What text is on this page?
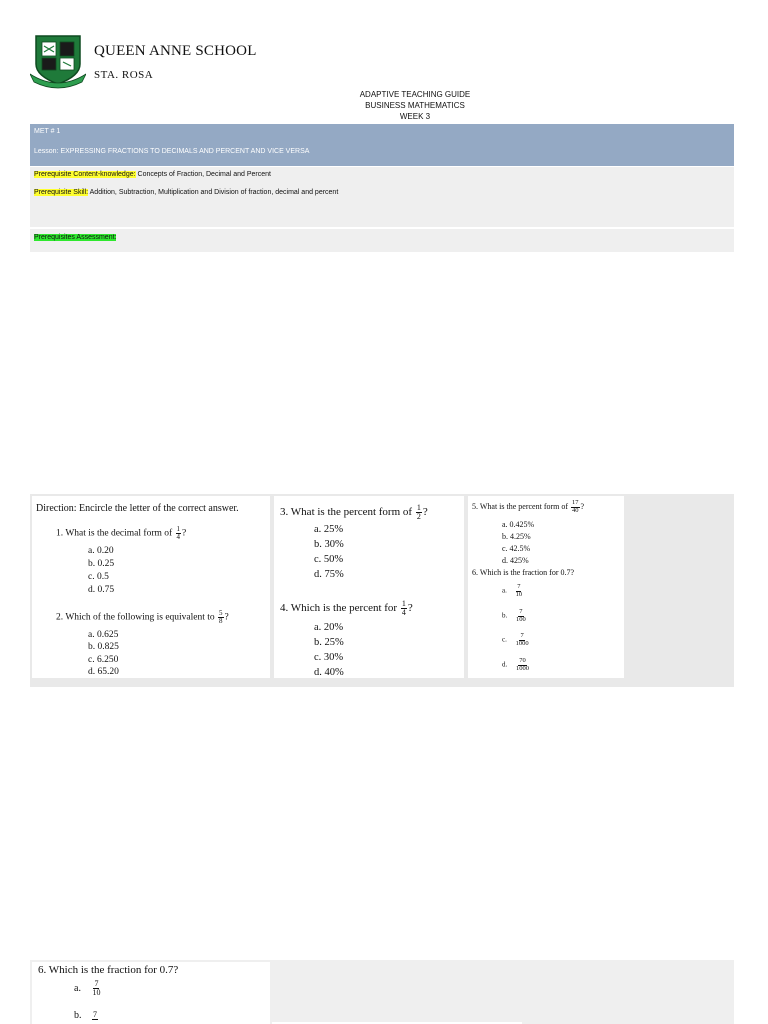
QUEEN ANNE SCHOOL
STA. ROSA
ADAPTIVE TEACHING GUIDE
BUSINESS MATHEMATICS
WEEK 3
MET # 1
Lesson: EXPRESSING FRACTIONS TO DECIMALS AND PERCENT AND VICE VERSA
Prerequisite Content-knowledge: Concepts of Fraction, Decimal and Percent
Prerequisite Skill: Addition, Subtraction, Multiplication and Division of fraction, decimal and percent
Prerequisites Assessment:
Direction: Encircle the letter of the correct answer.
1. What is the decimal form of $\frac{1}{4}$ ?
a. 0.20
b. 0.25
c. 0.5
d. 0.75
2. Which of the following is equivalent to $\frac{5}{8}$ ?
a. 0.625
b. 0.825
c. 6.250
d. 65.20
3. What is the percent form of $\frac{1}{2}$ ?
a. 25%
b. 30%
c. 50%
d. 75%
4. Which is the percent for $\frac{1}{4}$ ?
a. 20%
b. 25%
c. 30%
d. 40%
5. What is the percent form of $\frac{17}{40}$ ?
a. 0.425%
b. 4.25%
c. 42.5%
d. 425%
6. Which is the fraction for 0.7?
a. $\frac{7}{10}$
b. $\frac{7}{100}$
c. $\frac{7}{1000}$
d. $\frac{70}{1000}$
6. Which is the fraction for 0.7?
a. $\frac{7}{10}$
b. 7
